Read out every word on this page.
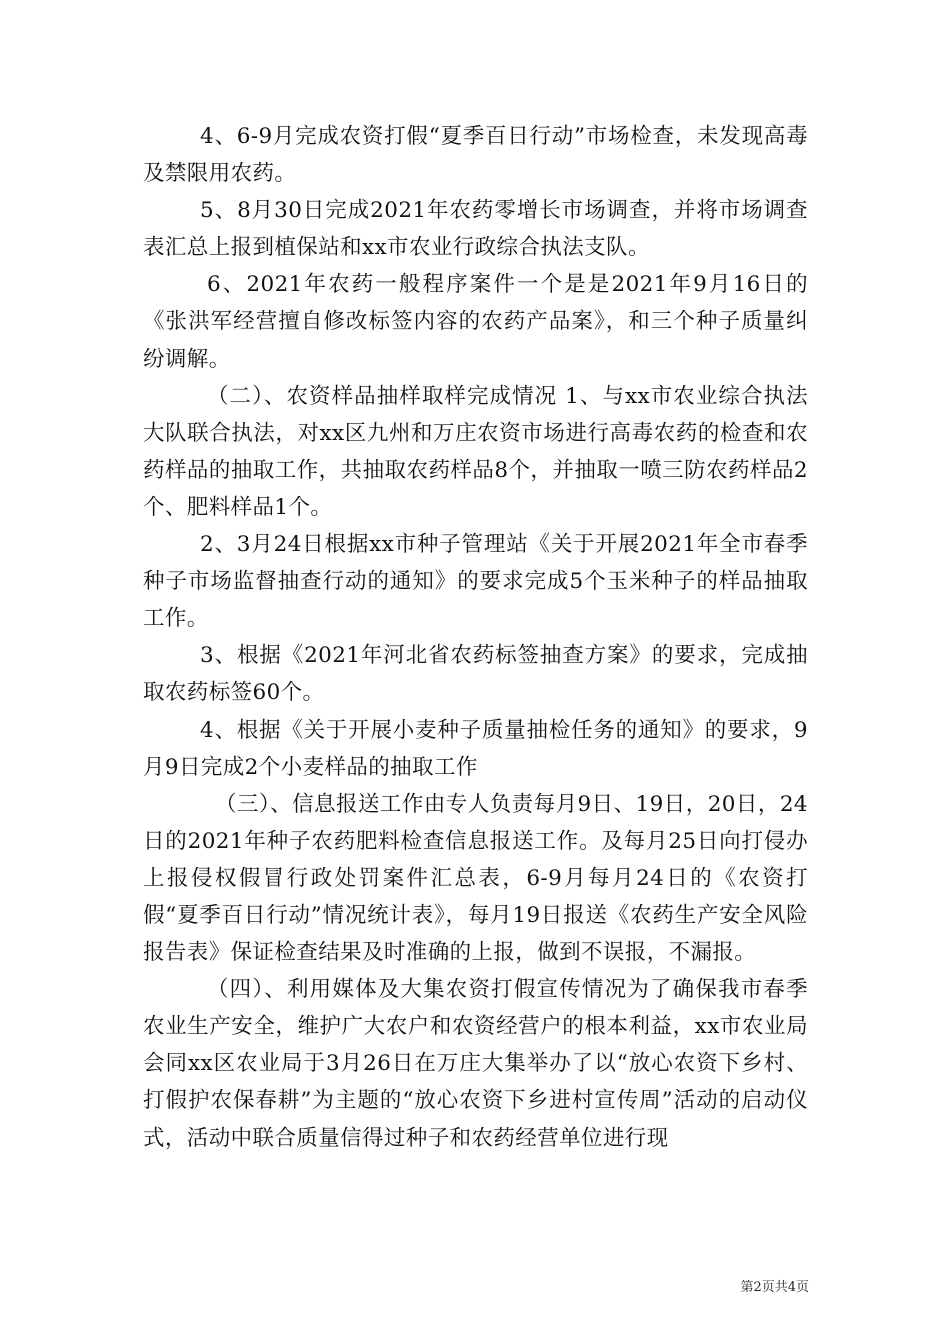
4、6-9月完成农资打假“夏季百日行动”市场检查，未发现高毒及禁限用农药。

5、8月30日完成2021年农药零增长市场调查，并将市场调查表汇总上报到植保站和xx市农业行政综合执法支队。

6、2021年农药一般程序案件一个是是2021年9月16日的《张洪军经营擅自修改标签内容的农药产品案》，和三个种子质量纠纷调解。

（二）、农资样品抽样取样完成情况 1、与xx市农业综合执法大队联合执法，对xx区九州和万庄农资市场进行高毒农药的检查和农药样品的抽取工作，共抽取农药样品8个，并抽取一喷三防农药样品2个、肥料样品1个。

2、3月24日根据xx市种子管理站《关于开展2021年全市春季种子市场监督抽查行动的通知》的要求完成5个玉米种子的样品抽取工作。

3、根据《2021年河北省农药标签抽查方案》的要求，完成抽取农药标签60个。

4、根据《关于开展小麦种子质量抽检任务的通知》的要求，9月9日完成2个小麦样品的抽取工作

（三）、信息报送工作由专人负责每月9日、19日，20日，24日的2021年种子农药肥料检查信息报送工作。及每月25日向打侵办上报侵权假冒行政处罚案件汇总表，6-9月每月24日的《农资打假“夏季百日行动”情况统计表》，每月19日报送《农药生产安全风险报告表》保证检查结果及时准确的上报，做到不误报，不漏报。

（四）、利用媒体及大集农资打假宣传情况为了确保我市春季农业生产安全，维护广大农户和农资经营户的根本利益，xx市农业局会同xx区农业局于3月26日在万庄大集举办了以“放心农资下乡村、打假护农保春耕”为主题的“放心农资下乡进村宣传周”活动的启动仪式，活动中联合质量信得过种子和农药经营单位进行现

第2页共4页
